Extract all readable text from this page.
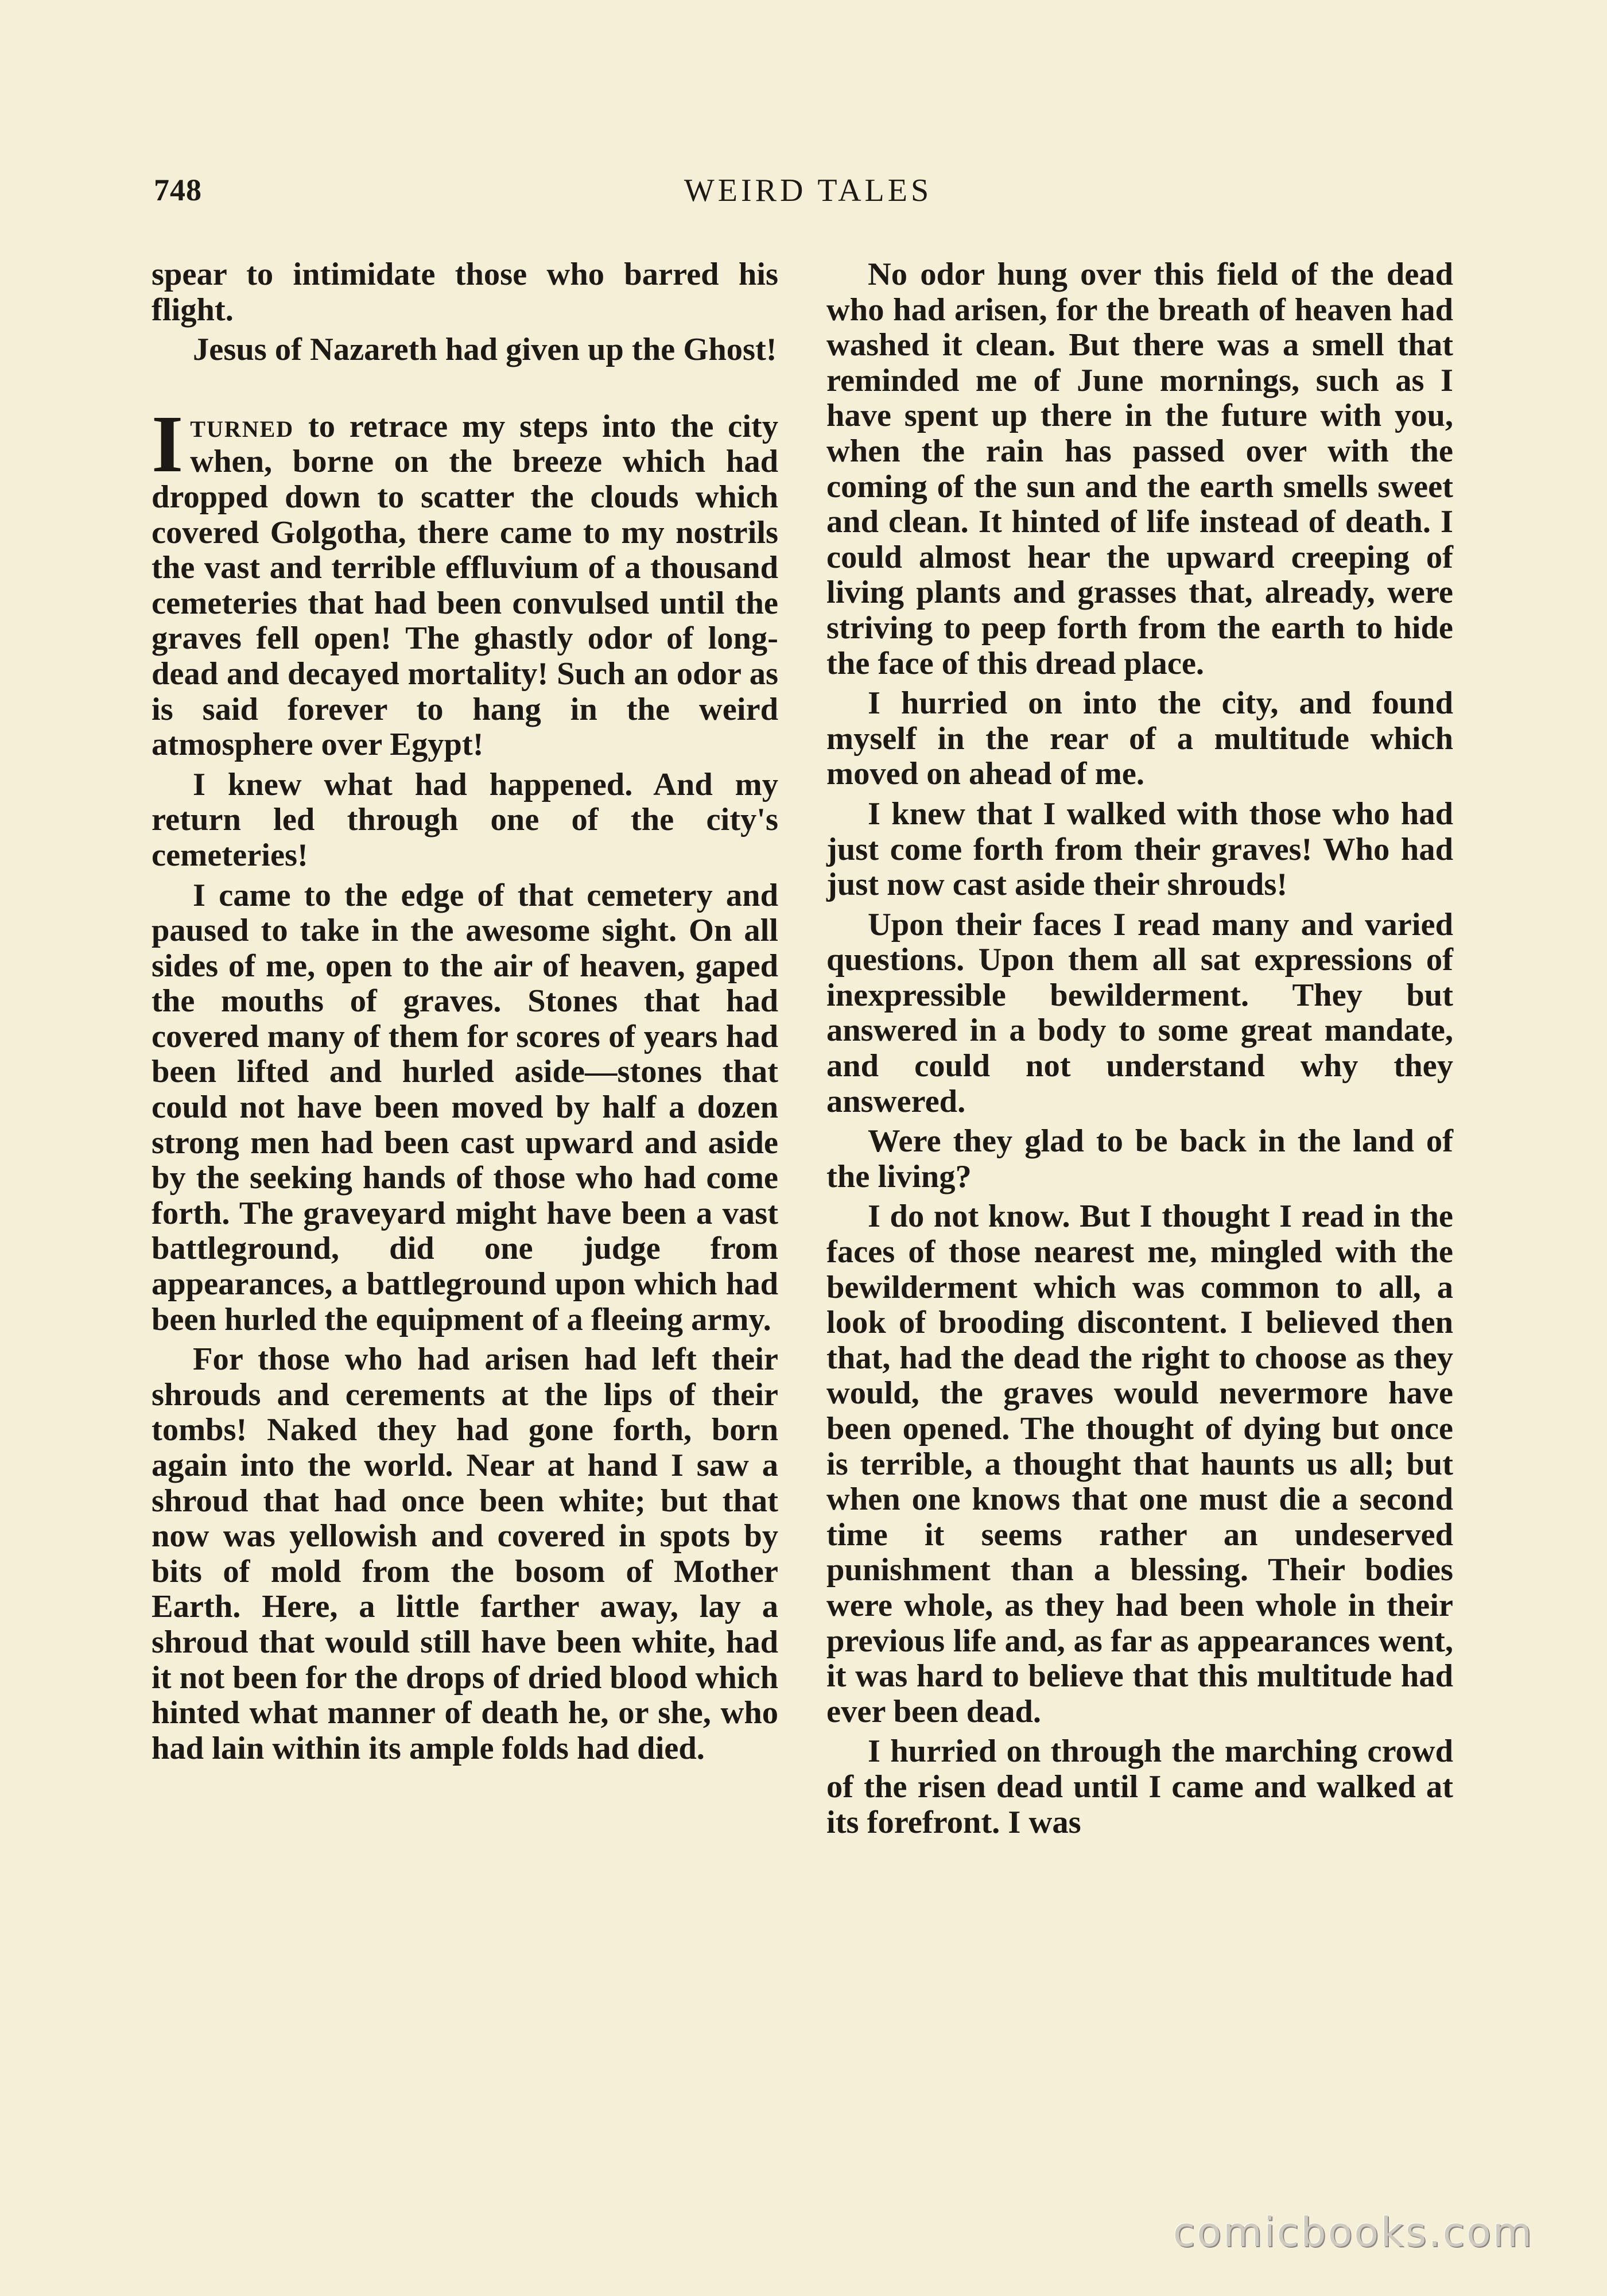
748	WEIRD TALES

spear to intimidate those who barred his flight.

Jesus of Nazareth had given up the Ghost!

Iturned to retrace my steps into the city when, borne on the breeze which had dropped down to scatter the clouds which covered Golgotha, there came to my nostrils the vast and terrible effluvium of a thousand cemeteries that had been convulsed until the graves fell open! The ghastly odor of long-dead and decayed mortality! Such an odor as is said forever to hang in the weird atmosphere over Egypt!

I knew what had happened. And my return led through one of the city's cemeteries!

I came to the edge of that cemetery and paused to take in the awesome sight. On all sides of me, open to the air of heaven, gaped the mouths of graves. Stones that had covered many of them for scores of years had been lifted and hurled aside—stones that could not have been moved by half a dozen strong men had been cast upward and aside by the seeking hands of those who had come forth. The graveyard might have been a vast battleground, did one judge from appearances, a battleground upon which had been hurled the equipment of a fleeing army.

For those who had arisen had left their shrouds and cerements at the lips of their tombs! Naked they had gone forth, born again into the world. Near at hand I saw a shroud that had once been white; but that now was yellowish and covered in spots by bits of mold from the bosom of Mother Earth. Here, a little farther away, lay a shroud that would still have been white, had it not been for the drops of dried blood which hinted what manner of death he, or she, who had lain within its ample folds had died.

No odor hung over this field of the dead who had arisen, for the breath of heaven had washed it clean. But there was a smell that reminded me of June mornings, such as I have spent up there in the future with you, when the rain has passed over with the coming of the sun and the earth smells sweet and clean. It hinted of life instead of death. I could almost hear the upward creeping of living plants and grasses that, already, were striving to peep forth from the earth to hide the face of this dread place.

I hurried on into the city, and found myself in the rear of a multitude which moved on ahead of me.

I knew that I walked with those who had just come forth from their graves! Who had just now cast aside their shrouds!

Upon their faces I read many and varied questions. Upon them all sat expressions of inexpressible bewilderment. They but answered in a body to some great mandate, and could not understand why they answered.

Were they glad to be back in the land of the living?

I do not know. But I thought I read in the faces of those nearest me, mingled with the bewilderment which was common to all, a look of brooding discontent. I believed then that, had the dead the right to choose as they would, the graves would nevermore have been opened. The thought of dying but once is terrible, a thought that haunts us all; but when one knows that one must die a second time it seems rather an undeserved punishment than a blessing. Their bodies were whole, as they had been whole in their previous life and, as far as appearances went, it was hard to believe that this multitude had ever been dead.

I hurried on through the marching crowd of the risen dead until I came and walked at its forefront. I was

comicbooks.com
